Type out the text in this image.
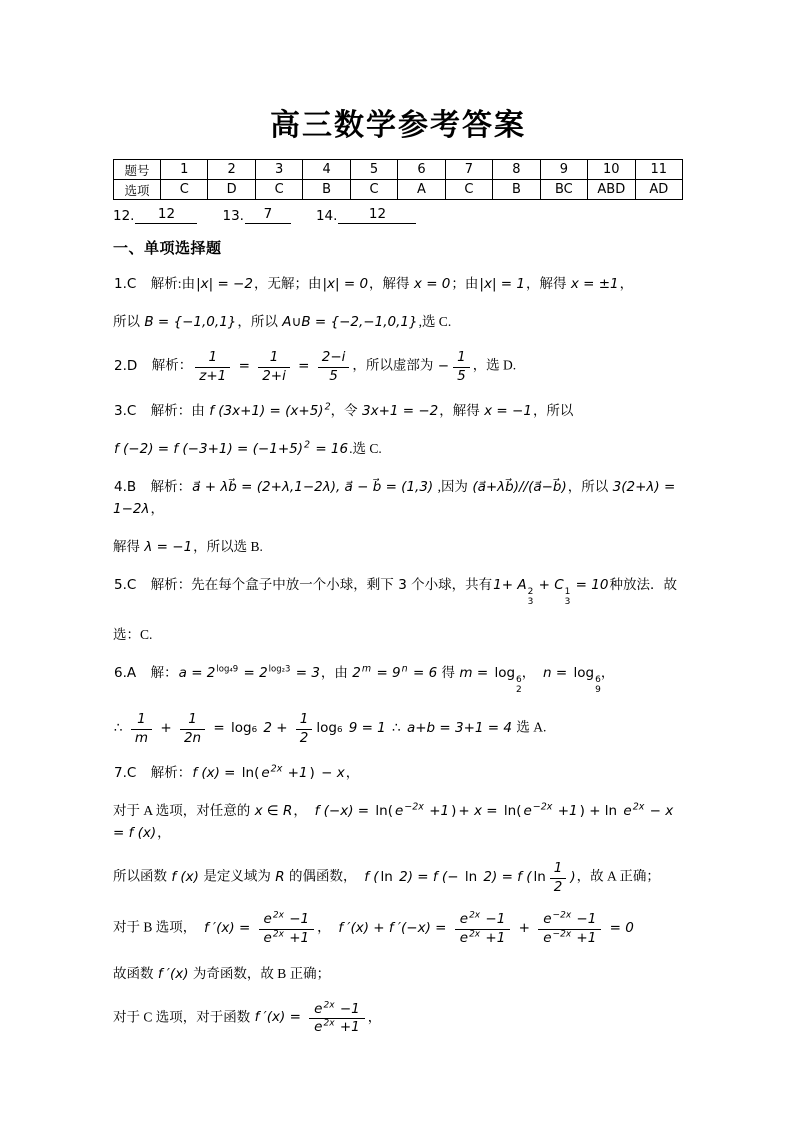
高三数学参考答案
题号	1	2	3	4	5	6	7	8	9	10	11
选项	C	D	C	B	C	A	C	B	BC	ABD	AD
12.	12	13.	7	14.	12
一、单项选择题
1.C　解析:由|x| = −2，无解；由|x| = 0，解得 x = 0；由|x| = 1，解得 x = ±1，
所以 B = {−1,0,1}，所以 A∪B = {−2,−1,0,1},选 C.
2.D　解析： $\frac{1}{z+1} = \frac{1}{2+i} = \frac{2-i}{5}$ ，所以虚部为 − $\frac{1}{5}$ ，选 D.
3.C　解析：由 f $(3x+1) = (x+5)^2$，令 3x+1 = −2，解得 x = −1，所以
f (−2) = f $(-3+1) = (-1+5)^2 = 16$.选 C.
4.B　解析：a⃗ + λb⃗ = (2+λ,1−2λ), a⃗ − b⃗ = (1,3) ,因为 (a⃗+λb⃗)//(a⃗−b⃗)，所以 3(2+λ) = 1−2λ，
解得 λ = −1，所以选 B.
5.C　解析：先在每个盒子中放一个小球，剩下 3 个小球，共有1+ A 2
3
+ C 1
3
= 10种放法．故
选：C.
6.A　解：$a = 2^{log_49} = 2^{log_23} = 3$，由 $2^m = 9^n = 6$ 得 m = log 6
2
，　n = log 6
9
，
∴ $\frac{1}{m} + \frac{1}{2n} = \log_6$ $2 + \frac{1}{2} \log_6$ 9 = 1 ∴ a+b = 3+1 = 4 选 A.
7.C　解析：f (x) = ln( $e^{2x} +1$ ) − x，
对于 A 选项，对任意的 x ∈ R，　f (−x) = ln( $e^{-2x} +1$ ) + x = ln( $e^{-2x} +1$ ) + $\ln e^{2x} - x = f$ (x)，
所以函数 f (x) 是定义域为 R 的偶函数，　f ( ln 2) = f (− ln 2) = f ( $\ln \frac{1}{2}$ )，故 A 正确；
对于 B 选项，　f $'(x) = \frac{e^{2x} -1}{e^{2x} +1}$ ，　f ′(x) + f $'(-x) = \frac{e^{2x} -1}{e^{2x} +1} + \frac{e^{-2x} -1}{e^{-2x} +1} = 0$
故函数 f ′(x) 为奇函数，故 B 正确；
对于 C 选项，对于函数 f $'(x) = \frac{e^{2x} -1}{e^{2x} +1}$ ，
